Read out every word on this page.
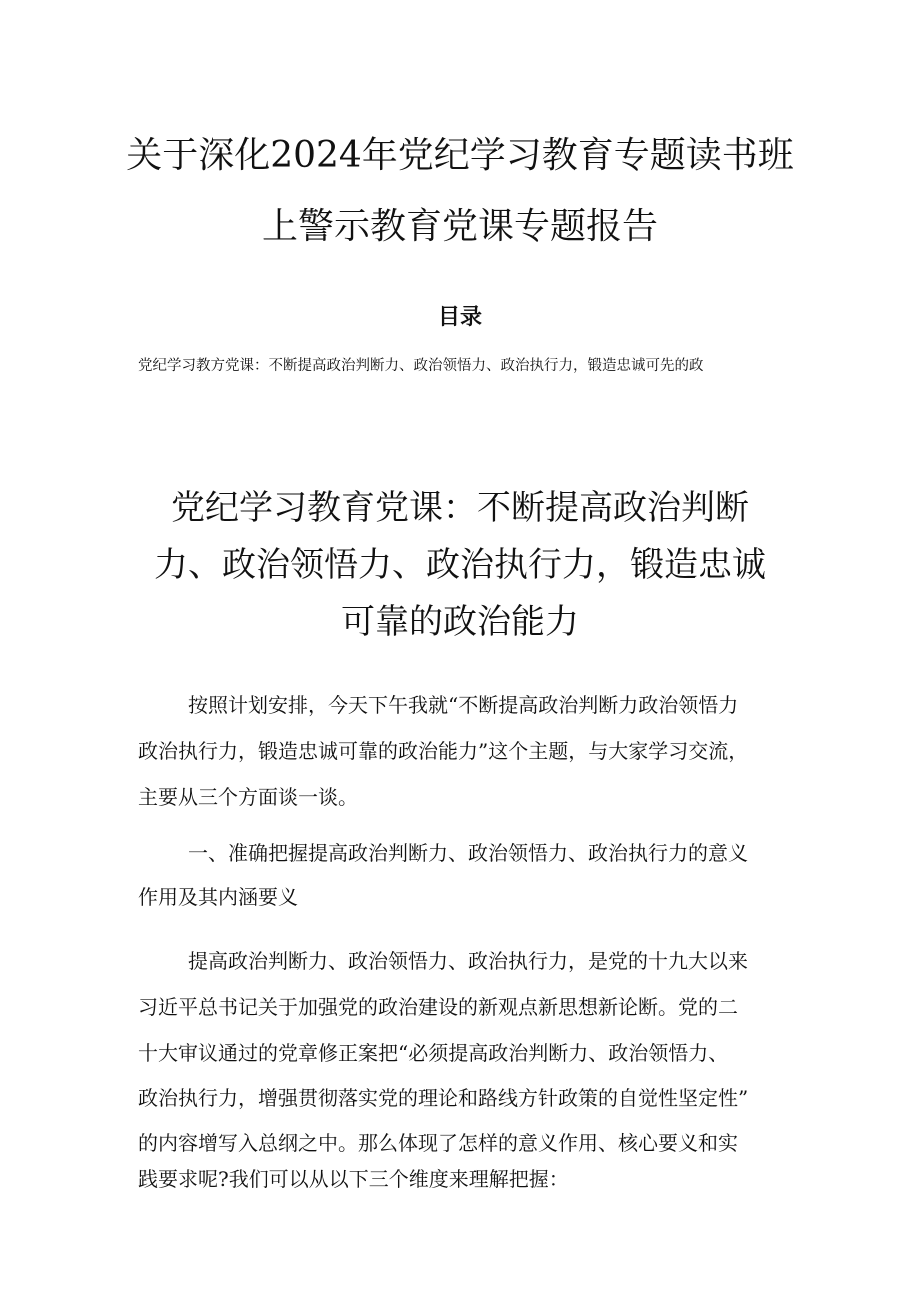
关于深化2024年党纪学习教育专题读书班
上警示教育党课专题报告
目录
党纪学习教方党课：不断提高政治判断力、政治领悟力、政治执行力，锻造忠诚可先的政
党纪学习教育党课：不断提高政治判断
力、政治领悟力、政治执行力，锻造忠诚
可靠的政治能力
按照计划安排，今天下午我就“不断提高政治判断力政治领悟力
政治执行力，锻造忠诚可靠的政治能力”这个主题，与大家学习交流，
主要从三个方面谈一谈。
一、准确把握提高政治判断力、政治领悟力、政治执行力的意义
作用及其内涵要义
提高政治判断力、政治领悟力、政治执行力，是党的十九大以来
习近平总书记关于加强党的政治建设的新观点新思想新论断。党的二
十大审议通过的党章修正案把“必须提高政治判断力、政治领悟力、
政治执行力，增强贯彻落实党的理论和路线方针政策的自觉性坚定性”
的内容增写入总纲之中。那么体现了怎样的意义作用、核心要义和实
践要求呢?我们可以从以下三个维度来理解把握：
